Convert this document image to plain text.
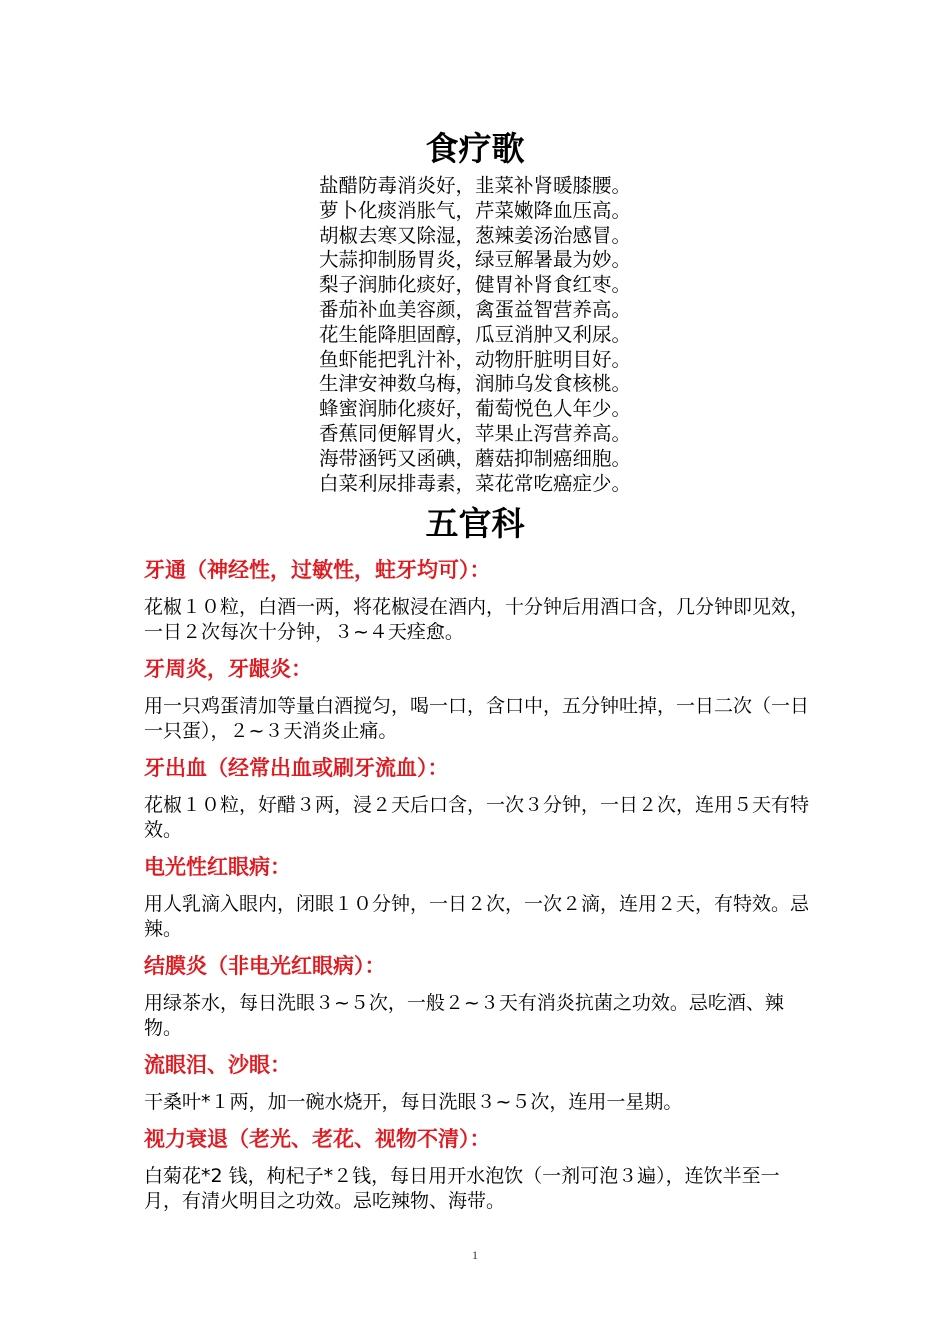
食疗歌
盐醋防毒消炎好，韭菜补肾暖膝腰。
萝卜化痰消胀气，芹菜嫩降血压高。
胡椒去寒又除湿，葱辣姜汤治感冒。
大蒜抑制肠胃炎，绿豆解暑最为妙。
梨子润肺化痰好，健胃补肾食红枣。
番茄补血美容颜，禽蛋益智营养高。
花生能降胆固醇，瓜豆消肿又利尿。
鱼虾能把乳汁补，动物肝脏明目好。
生津安神数乌梅，润肺乌发食核桃。
蜂蜜润肺化痰好，葡萄悦色人年少。
香蕉同便解胃火，苹果止泻营养高。
海带涵钙又函碘，蘑菇抑制癌细胞。
白菜利尿排毒素，菜花常吃癌症少。
五官科
牙通（神经性，过敏性，蛀牙均可）：

花椒１０粒，白酒一两，将花椒浸在酒内，十分钟后用酒口含，几分钟即见效，一日２次每次十分钟，３~４天痊愈。

牙周炎，牙龈炎：

用一只鸡蛋清加等量白酒搅匀，喝一口，含口中，五分钟吐掉，一日二次（一日一只蛋），２~３天消炎止痛。

牙出血（经常出血或刷牙流血）：

花椒１０粒，好醋３两，浸２天后口含，一次３分钟，一日２次，连用５天有特效。

电光性红眼病：

用人乳滴入眼内，闭眼１０分钟，一日２次，一次２滴，连用２天，有特效。忌辣。

结膜炎（非电光红眼病）：

用绿茶水，每日洗眼３~５次，一般２~３天有消炎抗菌之功效。忌吃酒、辣物。

流眼泪、沙眼：

干桑叶*１两，加一碗水烧开，每日洗眼３~５次，连用一星期。

视力衰退（老光、老花、视物不清）：

白菊花*2 钱，枸杞子*２钱，每日用开水泡饮（一剂可泡３遍），连饮半至一月，有清火明目之功效。忌吃辣物、海带。

1
